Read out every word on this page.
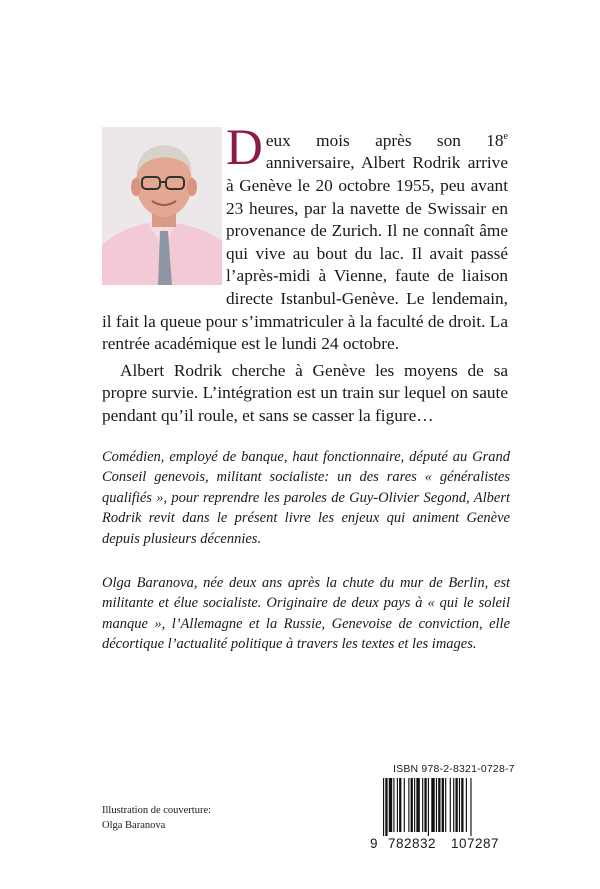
Deux mois après son 18e anniversaire, Albert Rodrik arrive à Genève le 20 octobre 1955, peu avant 23 heures, par la navette de Swissair en provenance de Zurich. Il ne connaît âme qui vive au bout du lac. Il avait passé l’après-midi à Vienne, faute de liaison directe Istanbul-Genève. Le lendemain, il fait la queue pour s’immatriculer à la faculté de droit. La rentrée académique est le lundi 24 octobre.

Albert Rodrik cherche à Genève les moyens de sa propre survie. L’intégration est un train sur lequel on saute pendant qu’il roule, et sans se casser la figure…

Comédien, employé de banque, haut fonctionnaire, député au Grand Conseil genevois, militant socialiste: un des rares « généralistes qualifiés », pour reprendre les paroles de Guy-Olivier Segond, Albert Rodrik revit dans le présent livre les enjeux qui animent Genève depuis plusieurs décennies.

Olga Baranova, née deux ans après la chute du mur de Berlin, est militante et élue socialiste. Originaire de deux pays à « qui le soleil manque », l’Allemagne et la Russie, Genevoise de conviction, elle décortique l’actualité politique à travers les textes et les images.

ISBN 978-2-8321-0728-7
9 782832 107287
Illustration de couverture:
Olga Baranova
